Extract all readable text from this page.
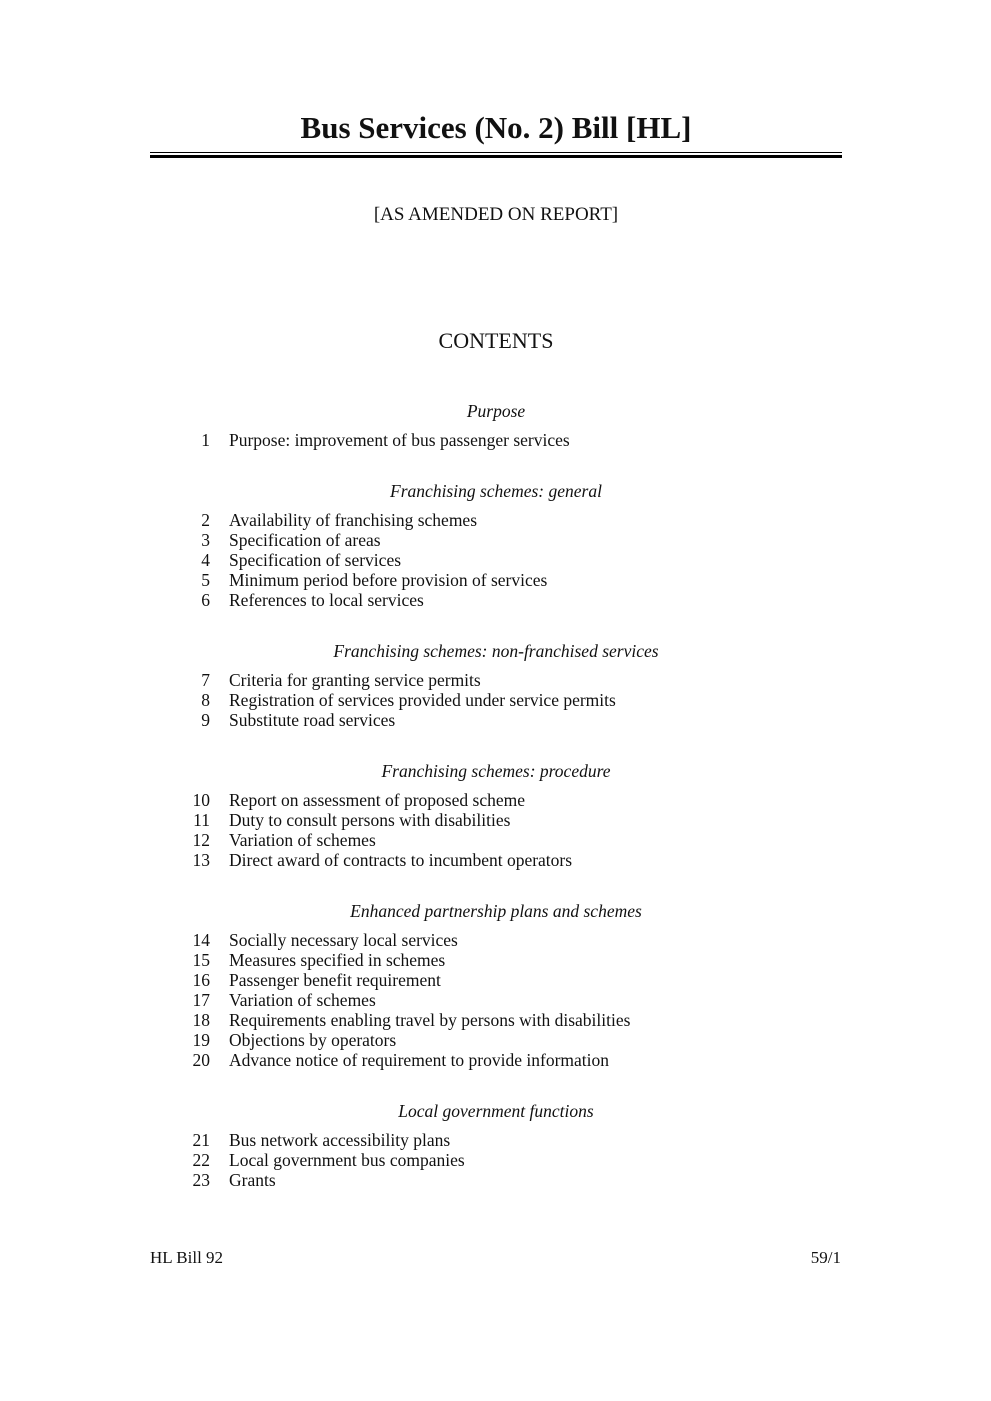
Bus Services (No. 2) Bill [HL]
[AS AMENDED ON REPORT]
CONTENTS
Purpose
1 Purpose: improvement of bus passenger services
Franchising schemes: general
2 Availability of franchising schemes
3 Specification of areas
4 Specification of services
5 Minimum period before provision of services
6 References to local services
Franchising schemes: non-franchised services
7 Criteria for granting service permits
8 Registration of services provided under service permits
9 Substitute road services
Franchising schemes: procedure
10 Report on assessment of proposed scheme
11 Duty to consult persons with disabilities
12 Variation of schemes
13 Direct award of contracts to incumbent operators
Enhanced partnership plans and schemes
14 Socially necessary local services
15 Measures specified in schemes
16 Passenger benefit requirement
17 Variation of schemes
18 Requirements enabling travel by persons with disabilities
19 Objections by operators
20 Advance notice of requirement to provide information
Local government functions
21 Bus network accessibility plans
22 Local government bus companies
23 Grants
HL Bill 92	59/1
